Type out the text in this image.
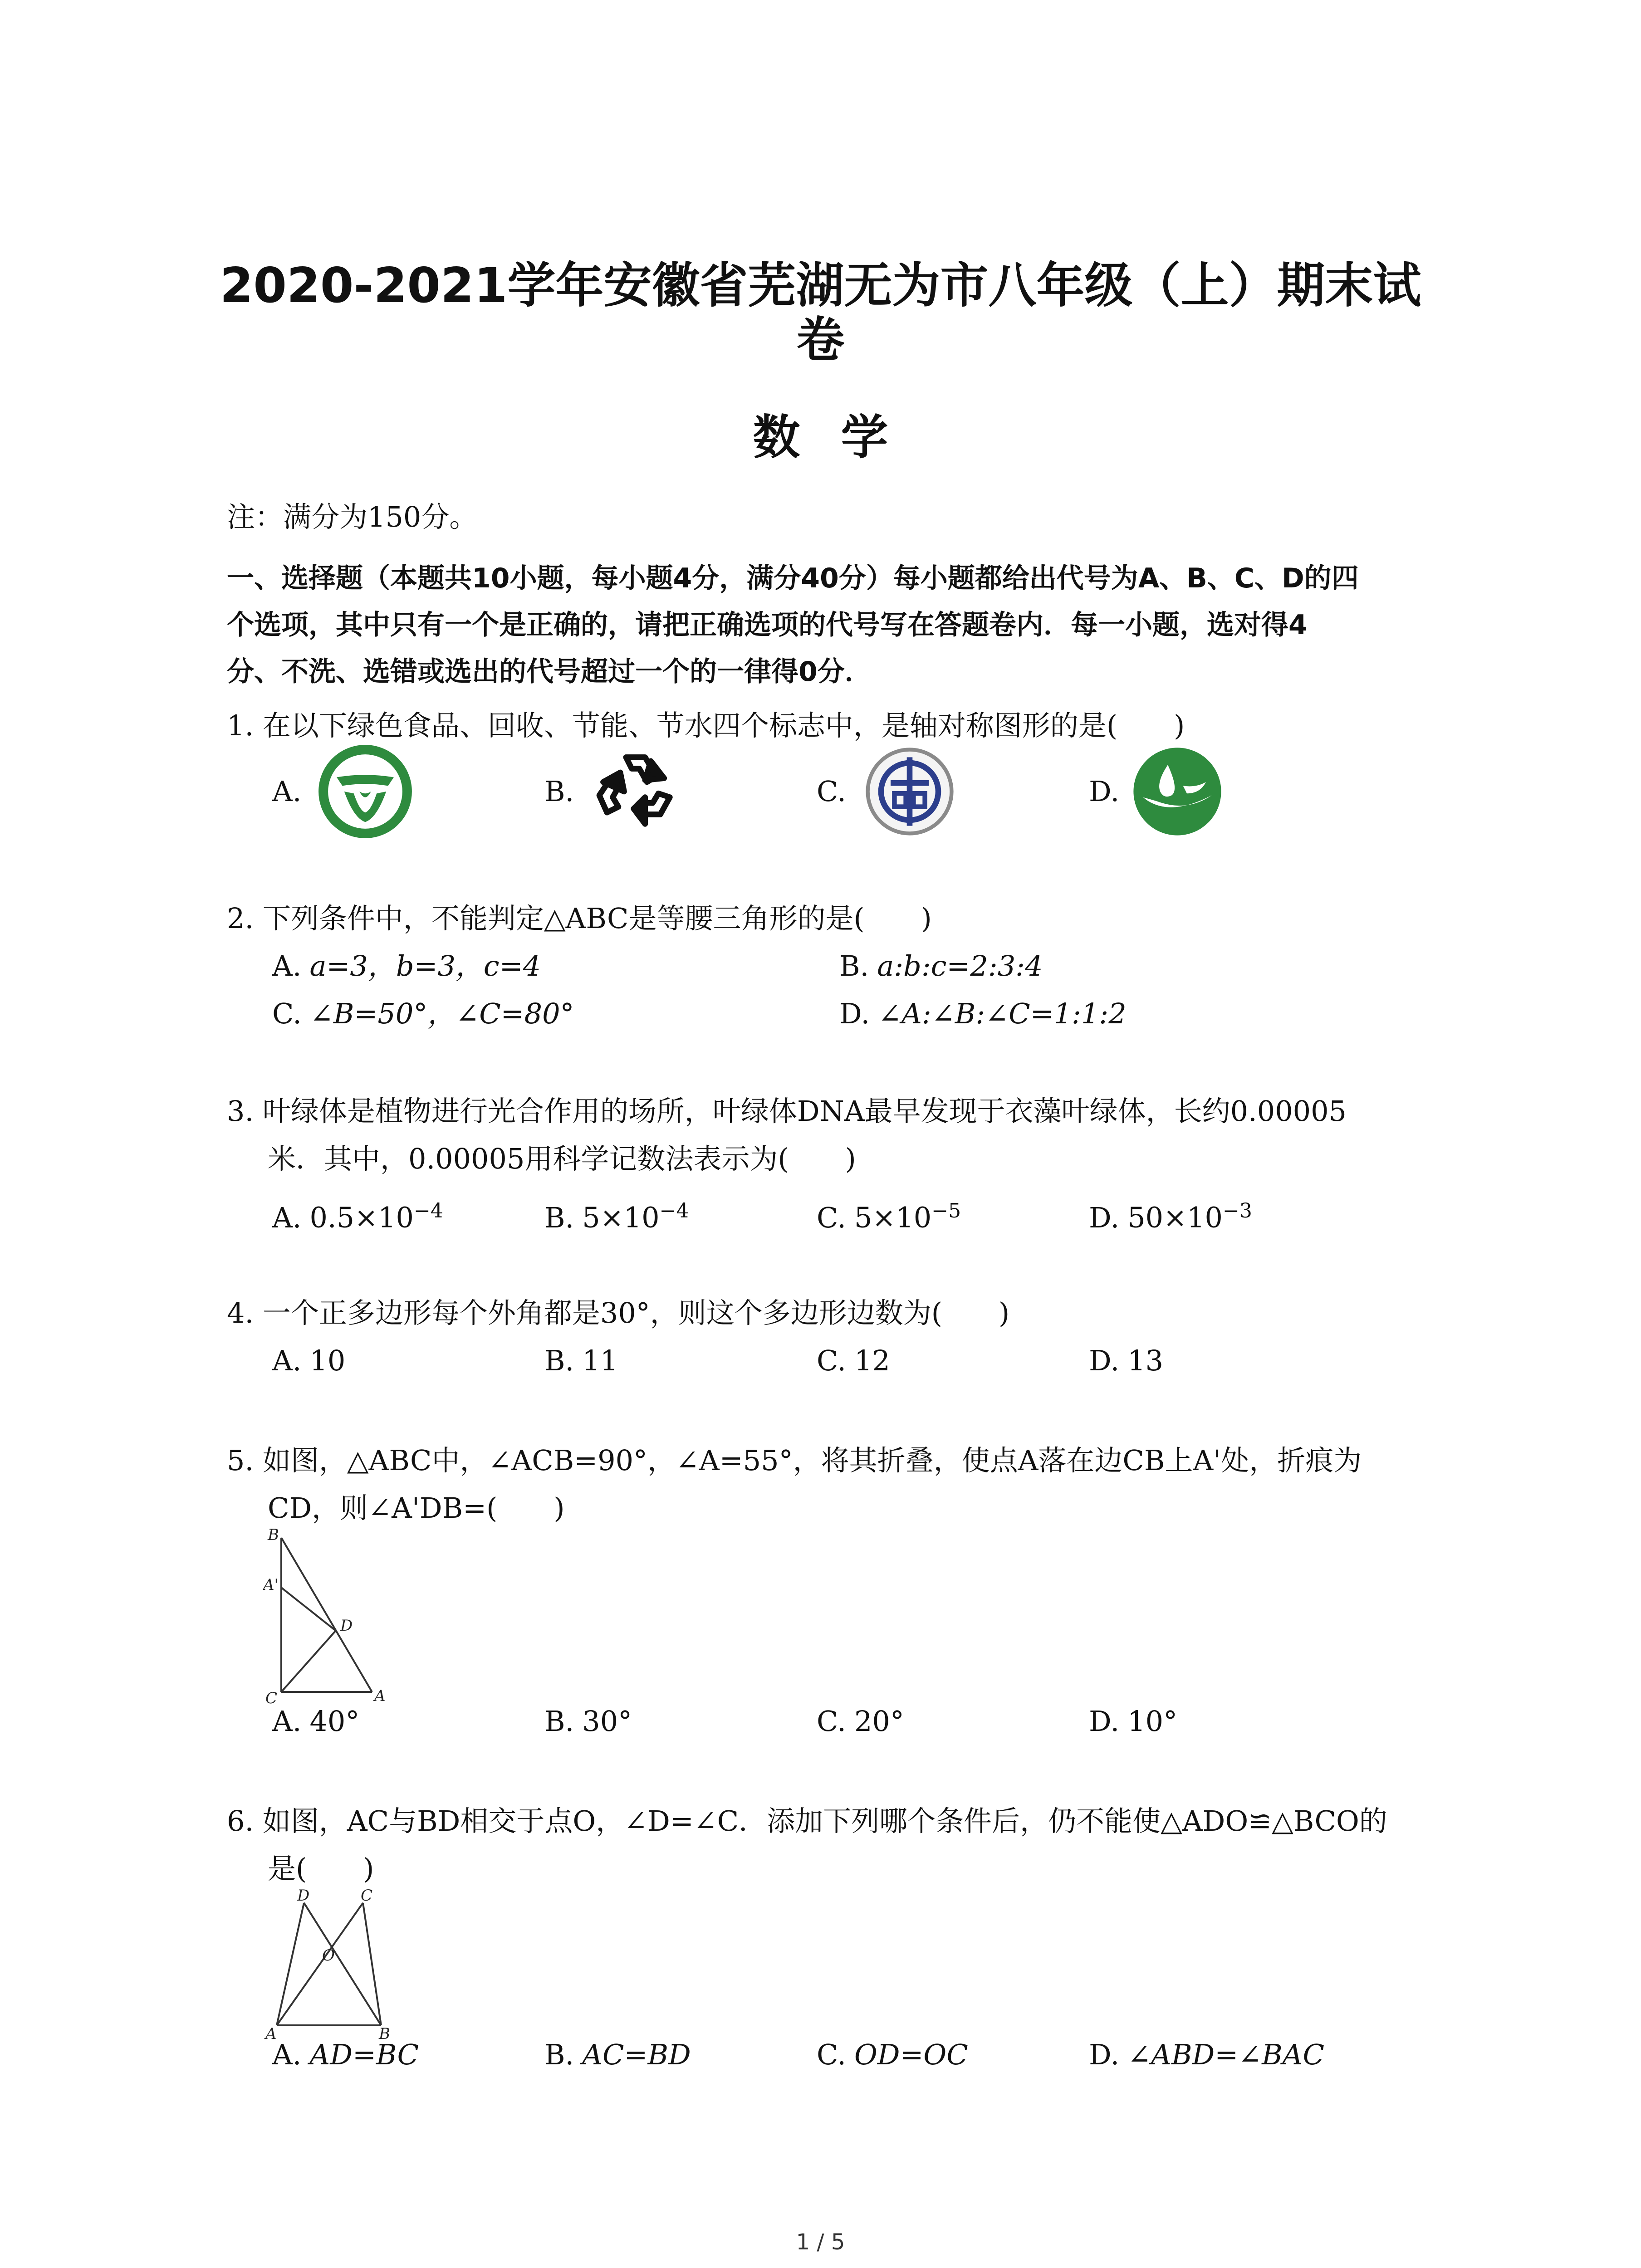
2020-2021学年安徽省芜湖无为市八年级（上）期末试
卷
数学
注：满分为150分。
一、选择题（本题共10小题，每小题4分，满分40分）每小题都给出代号为A、B、C、D的四
个选项，其中只有一个是正确的，请把正确选项的代号写在答题卷内．每一小题，选对得4
分、不洗、选错或选出的代号超过一个的一律得0分．
1. 在以下绿色食品、回收、节能、节水四个标志中，是轴对称图形的是(　　)
A.	B.	C.	D.
2. 下列条件中，不能判定△ABC是等腰三角形的是(　　)
A. a=3，b=3，c=4	B. a:b:c=2:3:4
C. ∠B=50°，∠C=80°	D. ∠A:∠B:∠C=1:1:2
3. 叶绿体是植物进行光合作用的场所，叶绿体DNA最早发现于衣藻叶绿体，长约0.00005
米．其中，0.00005用科学记数法表示为(　　)
A. $0.5\times 10^{-4}$	B. $5\times 10^{-4}$	C. $5\times 10^{-5}$	D. $50\times 10^{-3}$
4. 一个正多边形每个外角都是30°，则这个多边形边数为(　　)
A. 10	B. 11	C. 12	D. 13
5. 如图，△ABC中，∠ACB=90°，∠A=55°，将其折叠，使点A落在边CB上A'处，折痕为
CD，则∠A'DB=(　　)
B
A'
D
C	A
A. 40°	B. 30°	C. 20°	D. 10°
6. 如图，AC与BD相交于点O，∠D=∠C．添加下列哪个条件后，仍不能使△ADO≌△BCO的
是(　　)
D	C
O
A	B
A. AD=BC	B. AC=BD	C. OD=OC	D. ∠ABD=∠BAC
1 / 5
